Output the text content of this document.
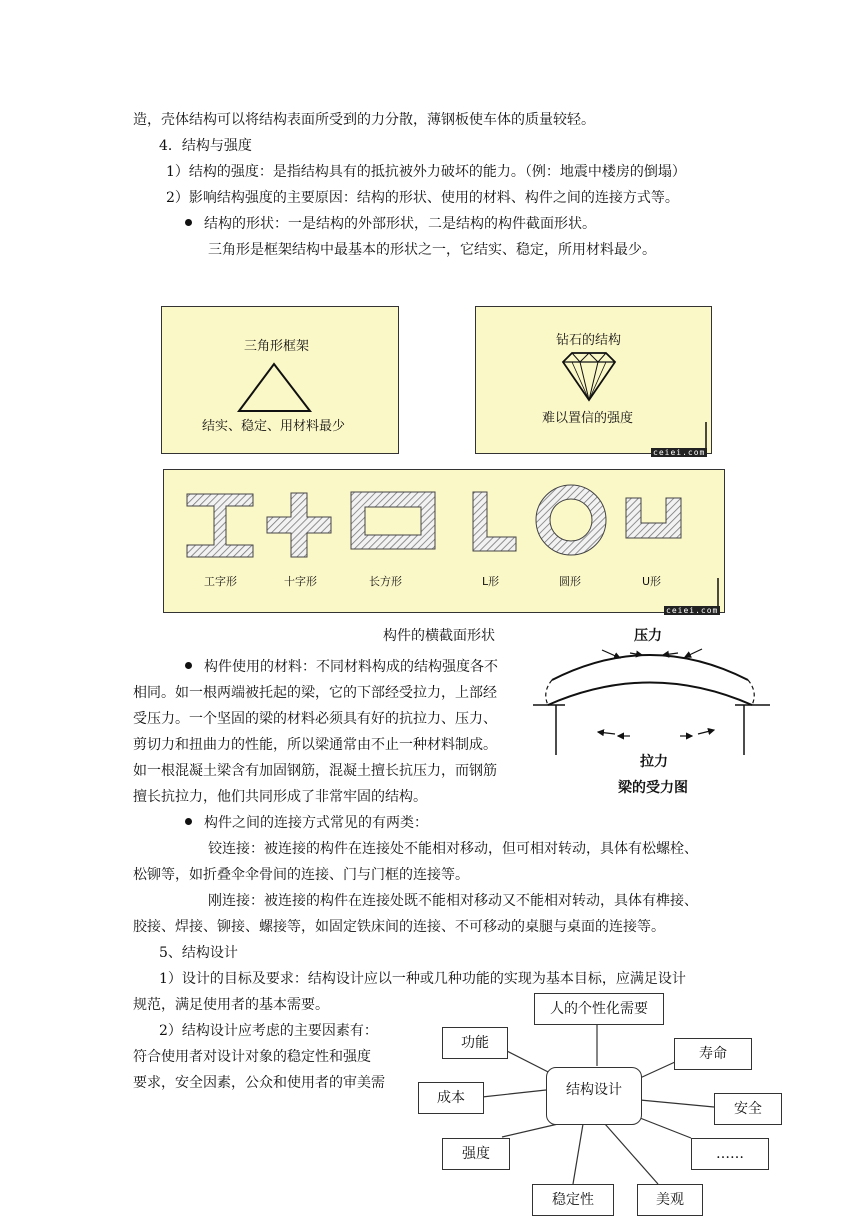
造，壳体结构可以将结构表面所受到的力分散，薄钢板使车体的质量较轻。
4．结构与强度
1）结构的强度：是指结构具有的抵抗被外力破坏的能力。（例：地震中楼房的倒塌）
2）影响结构强度的主要原因：结构的形状、使用的材料、构件之间的连接方式等。
结构的形状：一是结构的外部形状，二是结构的构件截面形状。
三角形是框架结构中最基本的形状之一，它结实、稳定，所用材料最少。
三角形框架
结实、稳定、用材料最少
钻石的结构
难以置信的强度
ceiei.com
工字形	十字形	长方形	L形	圆形	U形
ceiei.com
构件的横截面形状
构件使用的材料：不同材料构成的结构强度各不
相同。如一根两端被托起的梁，它的下部经受拉力，上部经
受压力。一个坚固的梁的材料必须具有好的抗拉力、压力、
剪切力和扭曲力的性能，所以梁通常由不止一种材料制成。
如一根混凝土梁含有加固钢筋，混凝土擅长抗压力，而钢筋
擅长抗拉力，他们共同形成了非常牢固的结构。
压力
拉力
梁的受力图
构件之间的连接方式常见的有两类：
铰连接：被连接的构件在连接处不能相对移动，但可相对转动，具体有松螺栓、
松铆等，如折叠伞伞骨间的连接、门与门框的连接等。
刚连接：被连接的构件在连接处既不能相对移动又不能相对转动，具体有榫接、
胶接、焊接、铆接、螺接等，如固定铁床间的连接、不可移动的桌腿与桌面的连接等。
5、结构设计
1）设计的目标及要求：结构设计应以一种或几种功能的实现为基本目标，应满足设计
规范，满足使用者的基本需要。
2）结构设计应考虑的主要因素有：
符合使用者对设计对象的稳定性和强度
要求，安全因素，公众和使用者的审美需
人的个性化需要
功能
寿命
成本	结构设计
安全
强度	……
稳定性	美观
